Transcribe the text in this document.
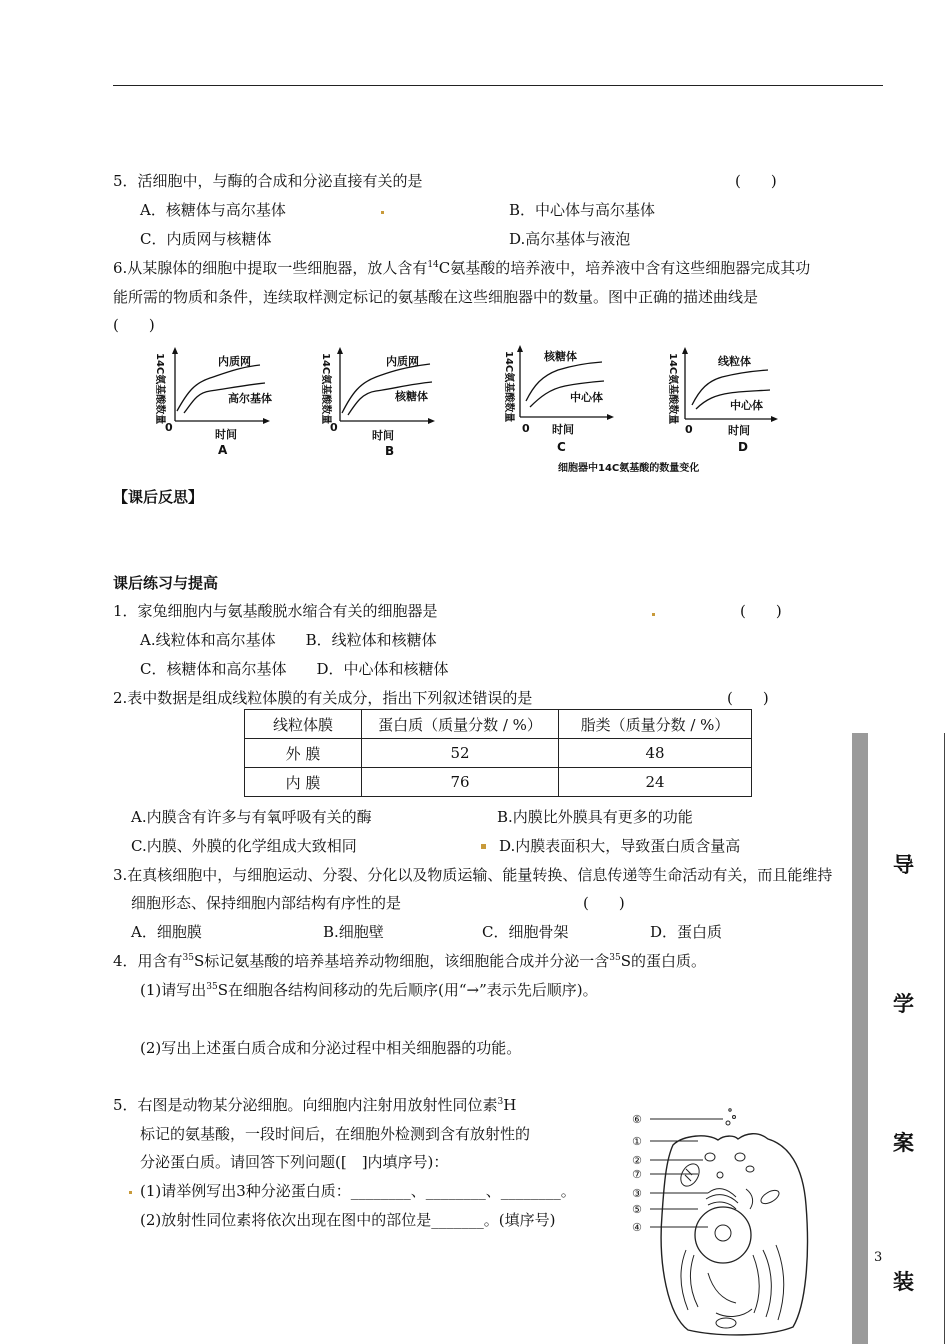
5．活细胞中，与酶的合成和分泌直接有关的是	(　　)
A．核糖体与高尔基体	B．中心体与高尔基体
C．内质网与核糖体	D.高尔基体与液泡
6.从某腺体的细胞中提取一些细胞器，放人含有$^{14}$C氨基酸的培养液中，培养液中含有这些细胞器完成其功
能所需的物质和条件，连续取样测定标记的氨基酸在这些细胞器中的数量。图中正确的描述曲线是
(　　)
内质网
高尔基体
0
时间
A
14C氨基酸数量	内质网
核糖体
0
时间
B
14C氨基酸数量	核糖体
中心体
0 时间
C
14C氨基酸数量	线粒体
中心体
0	时间
D
14C氨基酸数量
细胞器中14C氨基酸的数量变化
【课后反思】
课后练习与提高
1．家兔细胞内与氨基酸脱水缩合有关的细胞器是	(　　)
A.线粒体和高尔基体　　B．线粒体和核糖体
C．核糖体和高尔基体　　D．中心体和核糖体
2.表中数据是组成线粒体膜的有关成分，指出下列叙述错误的是	(　　)
线粒体膜	蛋白质（质量分数 / %）	脂类（质量分数 / %）
外 膜	52	48
内 膜	76	24
A.内膜含有许多与有氧呼吸有关的酶	B.内膜比外膜具有更多的功能
C.内膜、外膜的化学组成大致相同	D.内膜表面积大，导致蛋白质含量高
3.在真核细胞中，与细胞运动、分裂、分化以及物质运输、能量转换、信息传递等生命活动有关，而且能维持
细胞形态、保持细胞内部结构有序性的是	(　　)
A．细胞膜	B.细胞壁	C．细胞骨架	D．蛋白质
4．用含有$^{35}$S标记氨基酸的培养基培养动物细胞，该细胞能合成并分泌一含$^{35}$S的蛋白质。
(1)请写出$^{35}$S在细胞各结构间移动的先后顺序(用“→”表示先后顺序)。
(2)写出上述蛋白质合成和分泌过程中相关细胞器的功能。
5．右图是动物某分泌细胞。向细胞内注射用放射性同位素$^3$H
标记的氨基酸，一段时间后，在细胞外检测到含有放射性的
分泌蛋白质。请回答下列问题([　]内填序号)：
(1)请举例写出3种分泌蛋白质：________、________、________。
(2)放射性同位素将依次出现在图中的部位是_______。(填序号)
⑥
①
②
⑦
③
⑤
④
3
导
学
案
装
